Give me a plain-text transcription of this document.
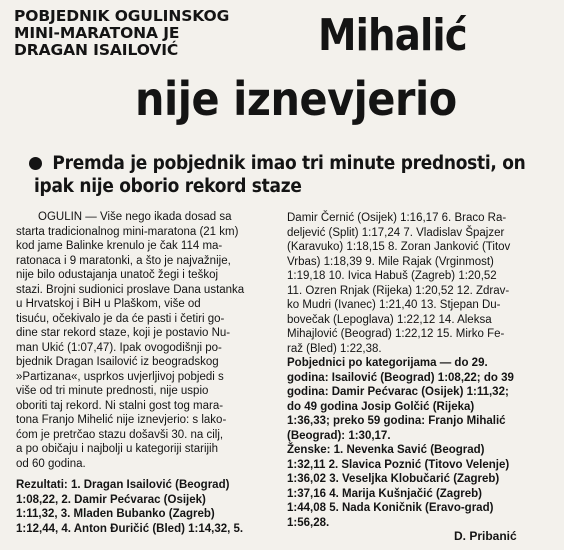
POBJEDNIK OGULINSKOG
MINI-MARATONA JE
DRAGAN ISAILOVIĆ	Mihalić
nije iznevjerio
Premda je pobjednik imao tri minute prednosti, on
ipak nije oborio rekord staze
OGULIN — Više nego ikada dosad sa
starta tradicionalnog mini-maratona (21 km)
kod jame Balinke krenulo je čak 114 ma-
ratonaca i 9 maratonki, a što je najvažnije,
nije bilo odustajanja unatoč žegi i teškoj
stazi. Brojni sudionici proslave Dana ustanka
u Hrvatskoj i BiH u Plaškom, više od
tisuću, očekivalo je da će pasti i četiri go-
dine star rekord staze, koji je postavio Nu-
man Ukić (1:07,47). Ipak ovogodišnji po-
bjednik Dragan Isailović iz beogradskog
»Partizana«, usprkos uvjerljivoj pobjedi s
više od tri minute prednosti, nije uspio
oboriti taj rekord. Ni stalni gost tog mara-
tona Franjo Mihelić nije iznevjerio: s lako-
ćom je pretrčao stazu došavši 30. na cilj,
a po običaju i najbolji u kategoriji starijih
od 60 godina.
Rezultati: 1. Dragan Isailović (Beograd)
1:08,22, 2. Damir Pećvarac (Osijek)
1:11,32, 3. Mladen Bubanko (Zagreb)
1:12,44, 4. Anton Đuričić (Bled) 1:14,32, 5.
Damir Černić (Osijek) 1:16,17 6. Braco Ra-
deljević (Split) 1:17,24 7. Vladislav Špajzer
(Karavuko) 1:18,15 8. Zoran Janković (Titov
Vrbas) 1:18,39 9. Mile Rajak (Vrginmost)
1:19,18 10. Ivica Habuš (Zagreb) 1:20,52
11. Ozren Rnjak (Rijeka) 1:20,52 12. Zdrav-
ko Mudri (Ivanec) 1:21,40 13. Stjepan Du-
bovečak (Lepoglava) 1:22,12 14. Aleksa
Mihajlović (Beograd) 1:22,12 15. Mirko Fe-
raž (Bled) 1:22,38.
Pobjednici po kategorijama — do 29.
godina: Isailović (Beograd) 1:08,22; do 39
godina: Damir Pećvarac (Osijek) 1:11,32;
do 49 godina Josip Golčić (Rijeka)
1:36,33; preko 59 godina: Franjo Mihalić
(Beograd): 1:30,17.
Ženske: 1. Nevenka Savić (Beograd)
1:32,11 2. Slavica Poznić (Titovo Velenje)
1:36,02 3. Veseljka Klobučarić (Zagreb)
1:37,16 4. Marija Kušnjačić (Zagreb)
1:44,08 5. Nada Koničnik (Eravo-grad)
1:56,28.
D. Pribanić
